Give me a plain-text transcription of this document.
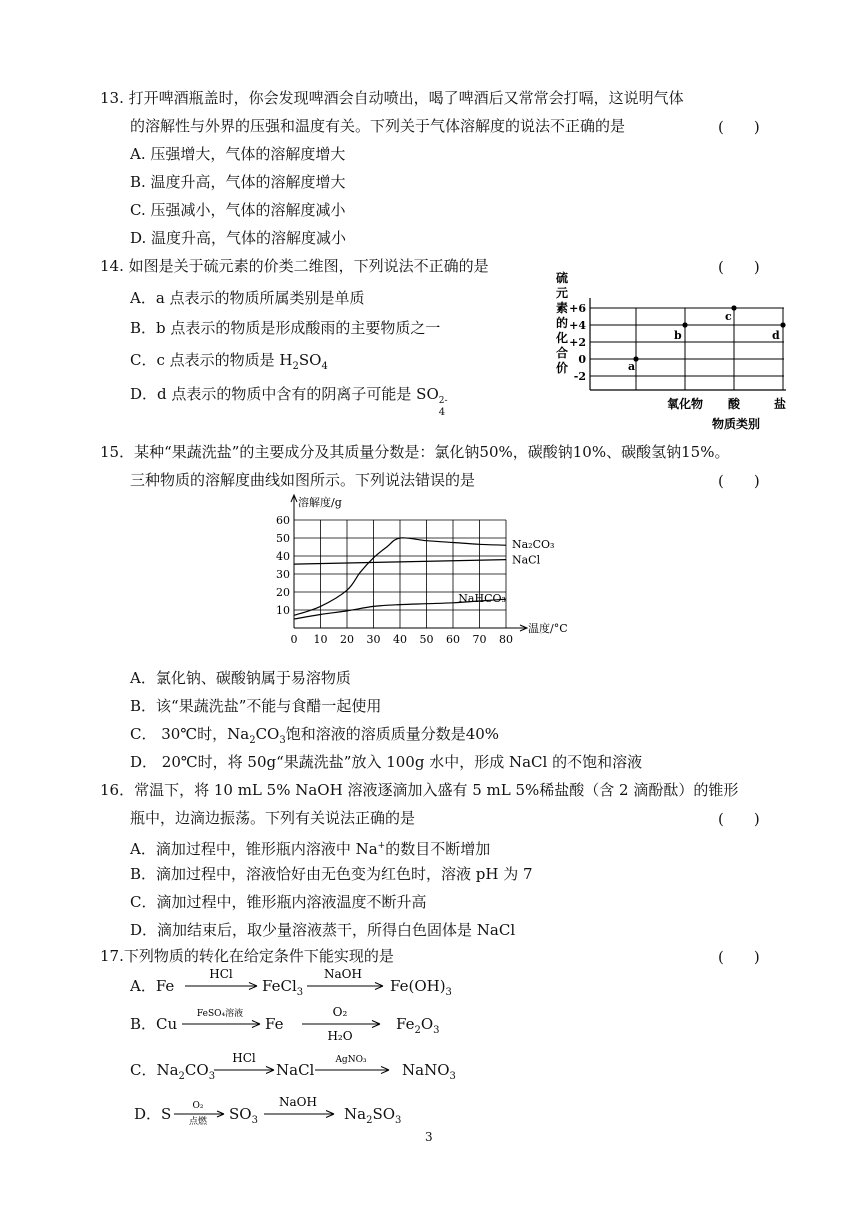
13. 打开啤酒瓶盖时，你会发现啤酒会自动喷出，喝了啤酒后又常常会打嗝，这说明气体
的溶解性与外界的压强和温度有关。下列关于气体溶解度的说法不正确的是	(　　)
A. 压强增大，气体的溶解度增大
B. 温度升高，气体的溶解度增大
C. 压强减小，气体的溶解度减小
D. 温度升高，气体的溶解度减小
14. 如图是关于硫元素的价类二维图，下列说法不正确的是	(　　)
A．a 点表示的物质所属类别是单质
B．b 点表示的物质是形成酸雨的主要物质之一
C．c 点表示的物质是 $H_2SO_4$
D．d 点表示的物质中含有的阴离子可能是 SO 2-
4
硫
元
素
的
化
合
价
+6
+4
+2
0
-2
a
b
c
d
氧化物 酸	盐
物质类别
15．某种“果蔬洗盐”的主要成分及其质量分数是：氯化钠50%，碳酸钠10%、碳酸氢钠15%。
三种物质的溶解度曲线如图所示。下列说法错误的是	(　　)
0 10 20 30 40 50 60 70 80
10
20
30
40
50
60
溶解度/g
温度/°C
Na₂CO₃
NaCl
NaHCO₃
A．氯化钠、碳酸钠属于易溶物质
B．该“果蔬洗盐”不能与食醋一起使用
C． 30℃时，$Na_2CO_3$饱和溶液的溶质质量分数是40%
D． 20℃时，将 50g“果蔬洗盐”放入 100g 水中，形成 NaCl 的不饱和溶液
16．常温下，将 10 mL 5% NaOH 溶液逐滴加入盛有 5 mL 5%稀盐酸（含 2 滴酚酞）的锥形
瓶中，边滴边振荡。下列有关说法正确的是	(　　)
A．滴加过程中，锥形瓶内溶液中 Na+的数目不断增加
B．滴加过程中，溶液恰好由无色变为红色时，溶液 pH 为 7
C．滴加过程中，锥形瓶内溶液温度不断升高
D．滴加结束后，取少量溶液蒸干，所得白色固体是 NaCl
17.下列物质的转化在给定条件下能实现的是	(　　)
A．Fe
HCl
FeCl$_3$
NaOH
$Fe(OH)_3$
B．Cu
FeSO₄溶液
Fe
O₂
H₂O
$Fe_2O_3$
C．$Na_2CO_3$
HCl
NaCl
AgNO₃
NaNO$_3$
D．S O₂
点燃 $SO_3$
NaOH
$Na_2SO_3$
3
